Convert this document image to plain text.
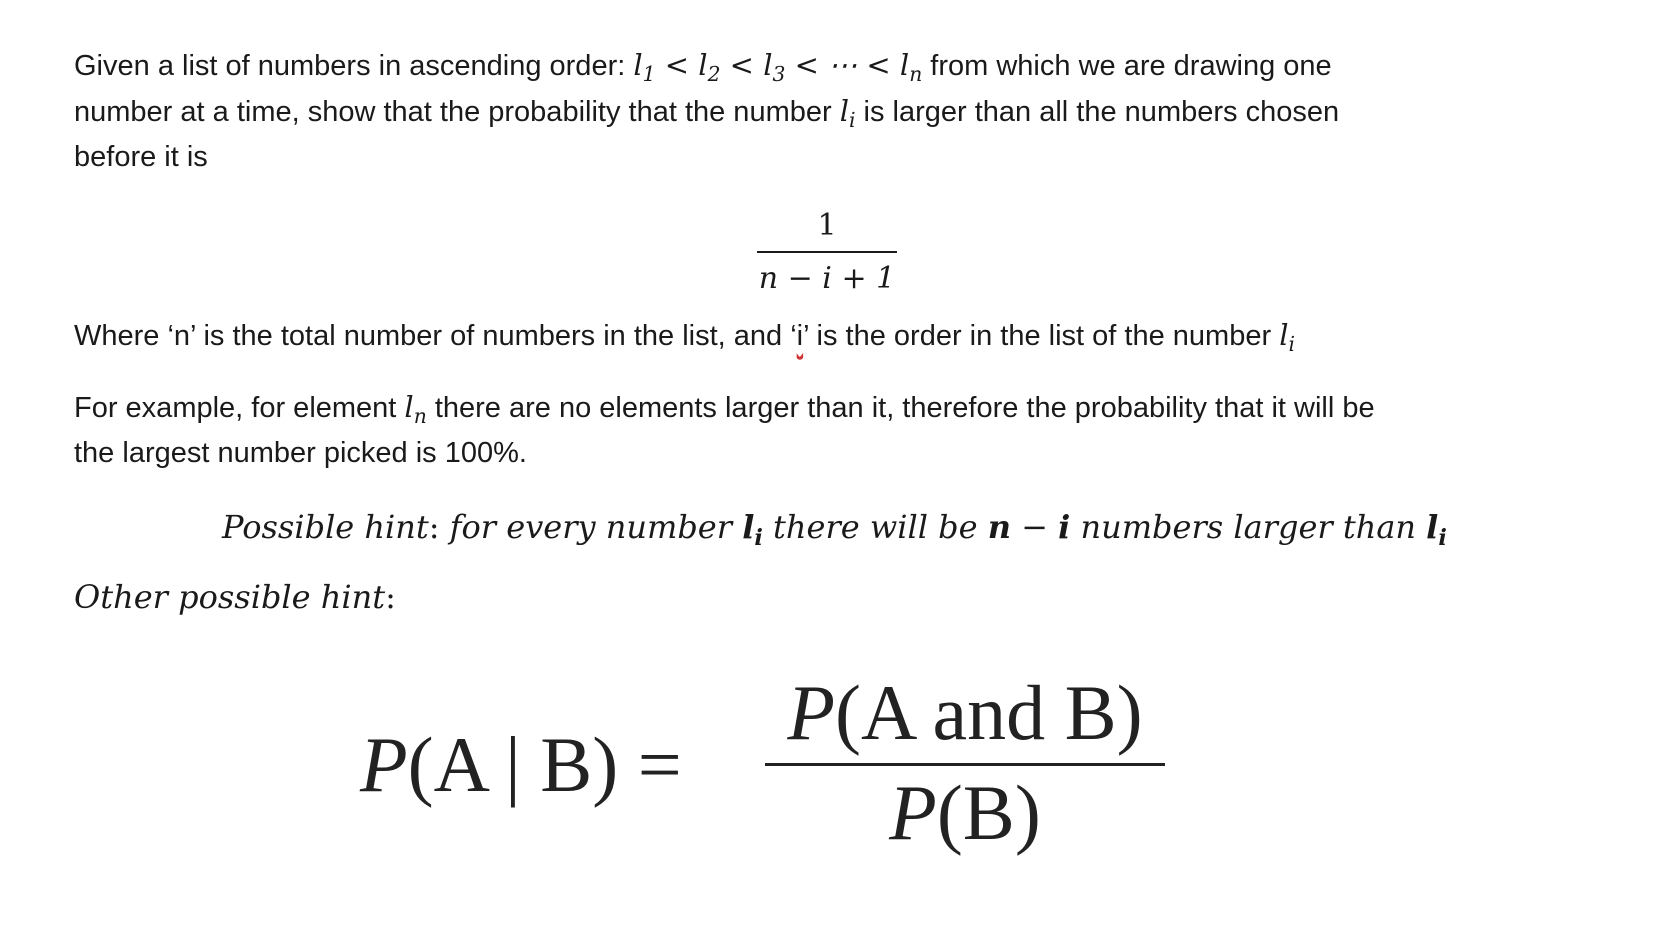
Given a list of numbers in ascending order: $l_1 < l_2 < l_3$ < ⋯ < $l_n$ from which we are drawing one
number at a time, show that the probability that the number $l_i$ is larger than all the numbers chosen
before it is
1
n − i + 1
Where ‘n’ is the total number of numbers in the list, and ‘i’ is the order in the list of the number $l_i$
For example, for element $l_n$ there are no elements larger than it, therefore the probability that it will be
the largest number picked is 100%.
Possible hint: for every number $l_i$ there will be n − i numbers larger than $l_i$
Other possible hint:
P(A | B) =
P(A and B)
P(B)
